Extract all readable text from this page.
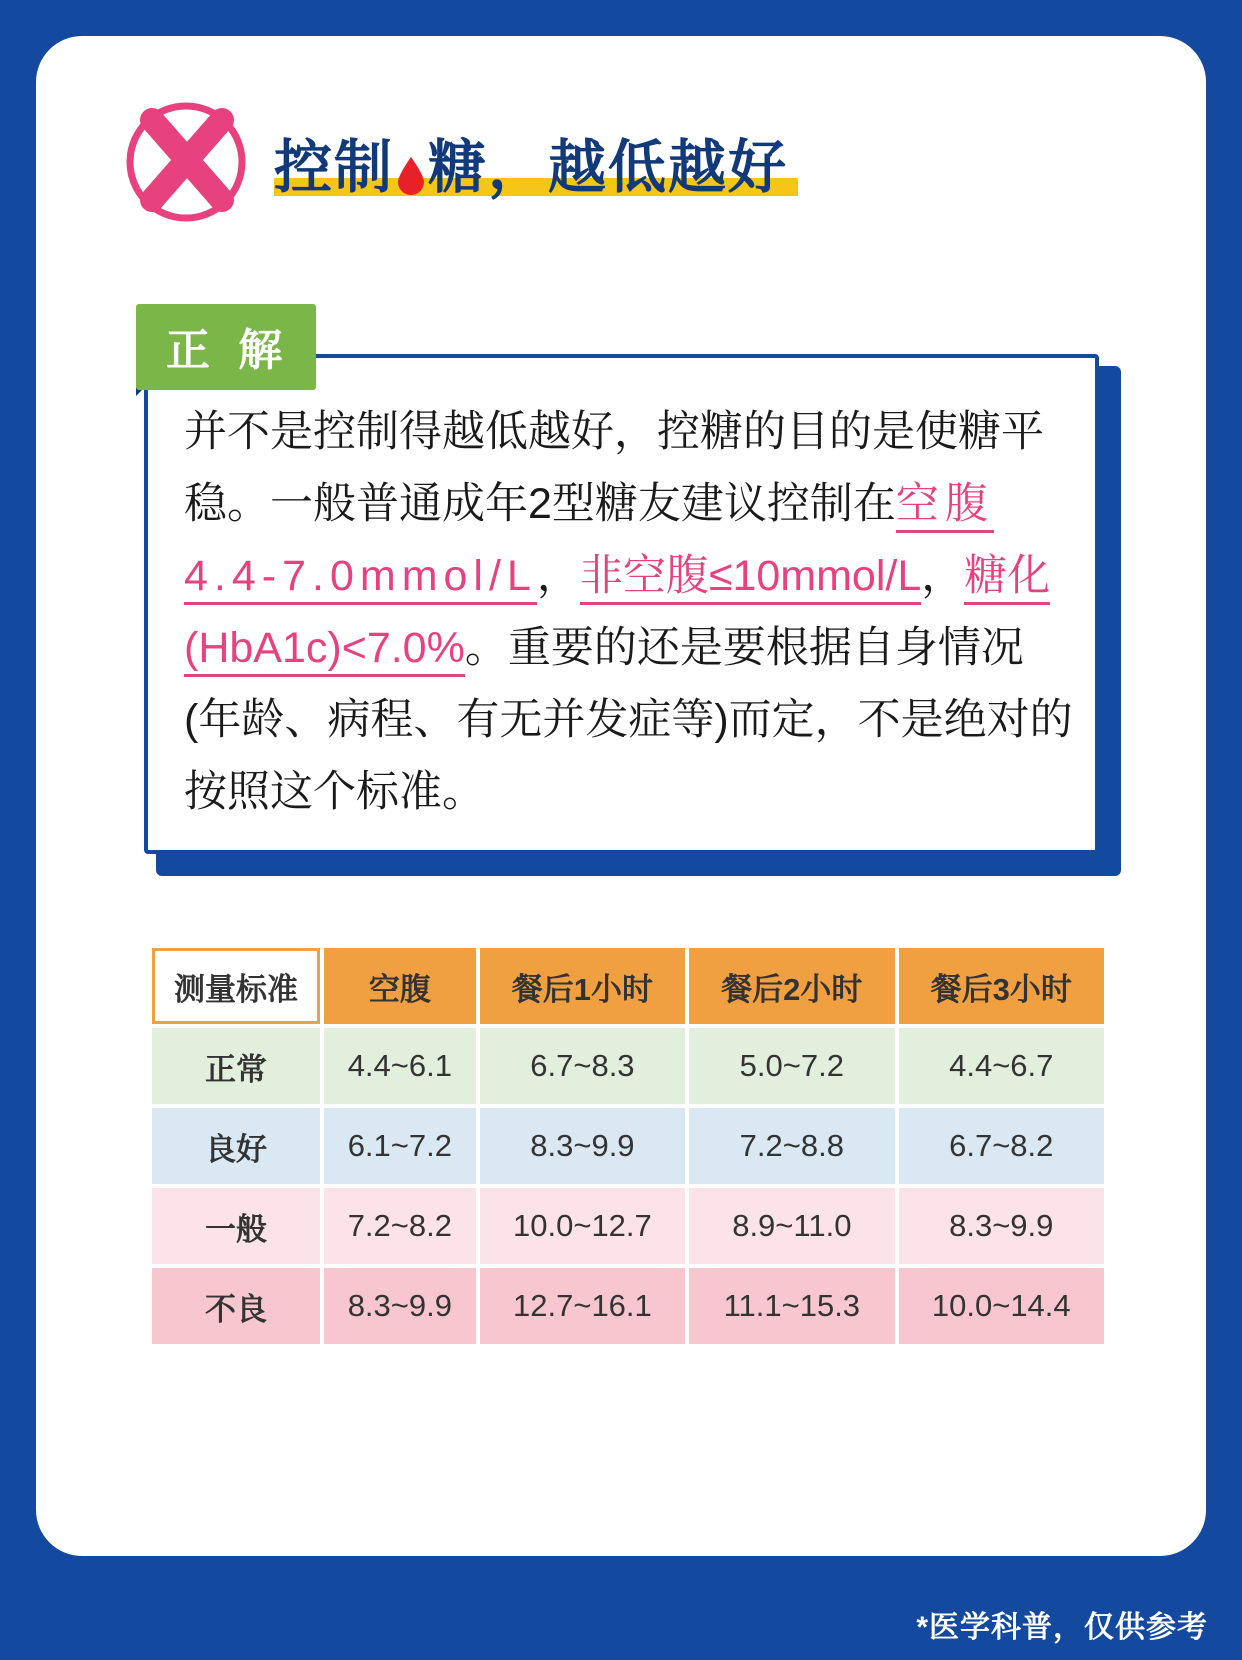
控制 糖，越低越好
正 解
并不是控制得越低越好，控糖的目的是使糖平稳。一般普通成年2型糖友建议控制在空腹4.4-7.0mmol/L，非空腹≤10mmol/L，糖化(HbA1c)<7.0%。重要的还是要根据自身情况(年龄、病程、有无并发症等)而定，不是绝对的按照这个标准。
测量标准	空腹	餐后1小时	餐后2小时	餐后3小时
正常	4.4~6.1	6.7~8.3	5.0~7.2	4.4~6.7
良好	6.1~7.2	8.3~9.9	7.2~8.8	6.7~8.2
一般	7.2~8.2	10.0~12.7	8.9~11.0	8.3~9.9
不良	8.3~9.9	12.7~16.1	11.1~15.3	10.0~14.4
*医学科普，仅供参考
